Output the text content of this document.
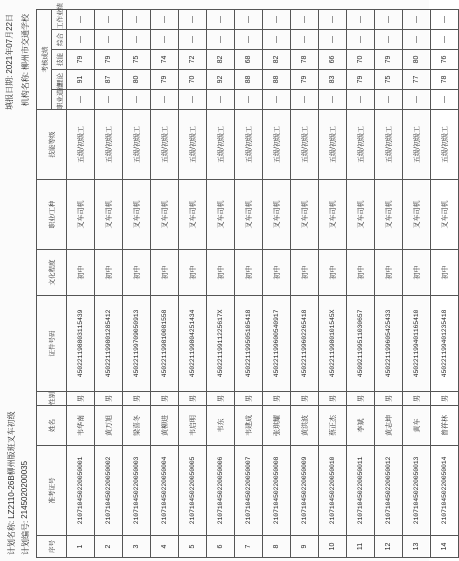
计划名称:
LZ2110-26B柳州版班叉车初级
计划编号:
2145020200035
填报日期:
2021年07月22日
机构名称:
柳州市交通学校
序号	准考证号	姓名	性别	证件号码	文化程度	职业/工种	技能等级	考核成绩				
								职业道德	理论	技能	综合	工作业绩
1	210710450220050001	韦华南	男	450221198803115439	初中	叉车司机	五级/初级工	—	91	79	—	—
2	210710450220050002	黄万旭	男	450221199801285412	初中	叉车司机	五级/初级工	—	87	79	—	—
3	210710450220050003	梁喜冬	男	450221199709050913	初中	叉车司机	五级/初级工	—	80	75	—	—
4	210710450220050004	黄柳进	男	450221199810081558	初中	叉车司机	五级/初级工	—	79	74	—	—
5	210710450220050005	韦启明	男	450221199804251434	初中	叉车司机	五级/初级工	—	70	72	—	—
6	210710450220050006	韦东	男	45022119911225617X	初中	叉车司机	五级/初级工	—	92	82	—	—
7	210710450220050007	韦建成	男	450221199505105418	初中	叉车司机	五级/初级工	—	88	68	—	—
8	210710450220050008	张琪耀	男	450221199600540917	初中	叉车司机	五级/初级工	—	88	82	—	—
9	210710450220050009	黄洪波	男	450221199602265418	初中	叉车司机	五级/初级工	—	79	78	—	—
10	210710450220050010	蔡正杰	男	45022119980101545X	初中	叉车司机	五级/初级工	—	83	66	—	—
11	210710450220050011	李斌	男	450921199511030657	初中	叉车司机	五级/初级工	—	79	70	—	—
12	210710450220050012	黄志坤	男	450221199605425433	初中	叉车司机	五级/初级工	—	75	79	—	—
13	210710450220050013	黄车	男	450221199401165410	初中	叉车司机	五级/初级工	—	77	80	—	—
14	210710450220050014	曾祥林	男	450221199401235418	初中	叉车司机	五级/初级工	—	78	76	—	—
